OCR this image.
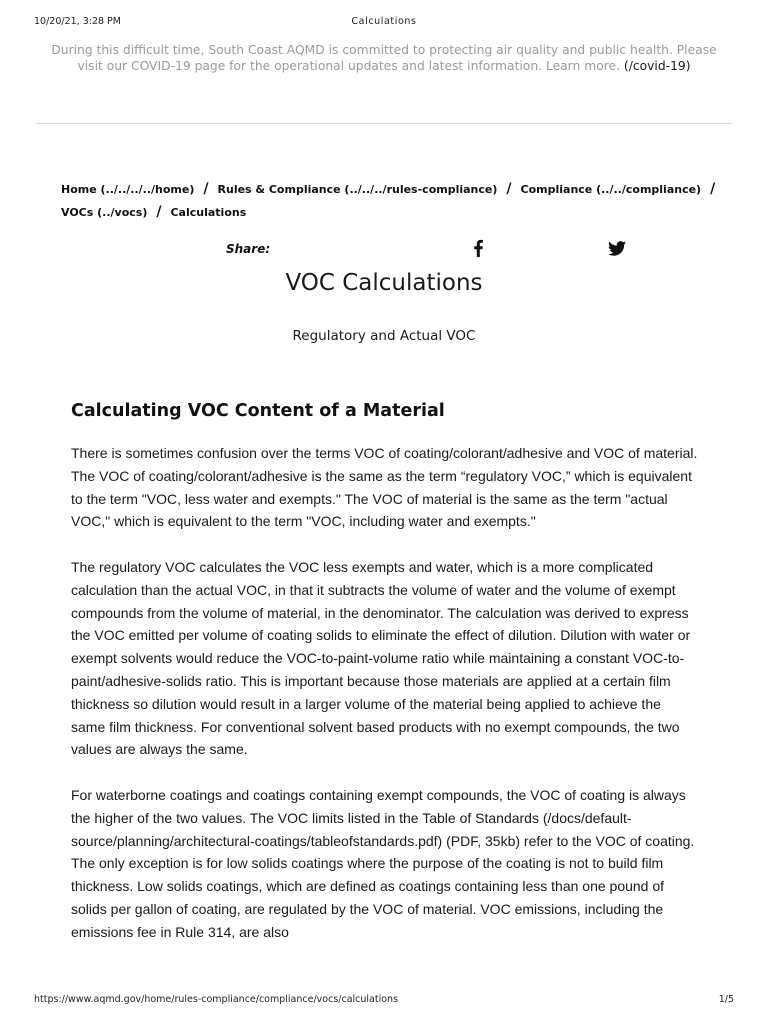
10/20/21, 3:28 PM	Calculations
During this difficult time, South Coast AQMD is committed to protecting air quality and public health. Please visit our COVID-19 page for the operational updates and latest information. Learn more. (/covid-19)
Home (../../../../home) / Rules & Compliance (../../../rules-compliance) / Compliance (../../compliance) /
VOCs (../vocs) / Calculations
Share:
VOC Calculations

Regulatory and Actual VOC

Calculating VOC Content of a Material

There is sometimes confusion over the terms VOC of coating/colorant/adhesive and VOC of material. The VOC of coating/colorant/adhesive is the same as the term “regulatory VOC,” which is equivalent to the term "VOC, less water and exempts." The VOC of material is the same as the term "actual VOC," which is equivalent to the term "VOC, including water and exempts."

The regulatory VOC calculates the VOC less exempts and water, which is a more complicated calculation than the actual VOC, in that it subtracts the volume of water and the volume of exempt compounds from the volume of material, in the denominator. The calculation was derived to express the VOC emitted per volume of coating solids to eliminate the effect of dilution. Dilution with water or exempt solvents would reduce the VOC-to-paint-volume ratio while maintaining a constant VOC-to-paint/adhesive-solids ratio. This is important because those materials are applied at a certain film thickness so dilution would result in a larger volume of the material being applied to achieve the same film thickness. For conventional solvent based products with no exempt compounds, the two values are always the same.

For waterborne coatings and coatings containing exempt compounds, the VOC of coating is always the higher of the two values. The VOC limits listed in the Table of Standards (/docs/default-source/planning/architectural-coatings/tableofstandards.pdf) (PDF, 35kb) refer to the VOC of coating. The only exception is for low solids coatings where the purpose of the coating is not to build film thickness. Low solids coatings, which are defined as coatings containing less than one pound of solids per gallon of coating, are regulated by the VOC of material. VOC emissions, including the emissions fee in Rule 314, are also

https://www.aqmd.gov/home/rules-compliance/compliance/vocs/calculations	1/5
